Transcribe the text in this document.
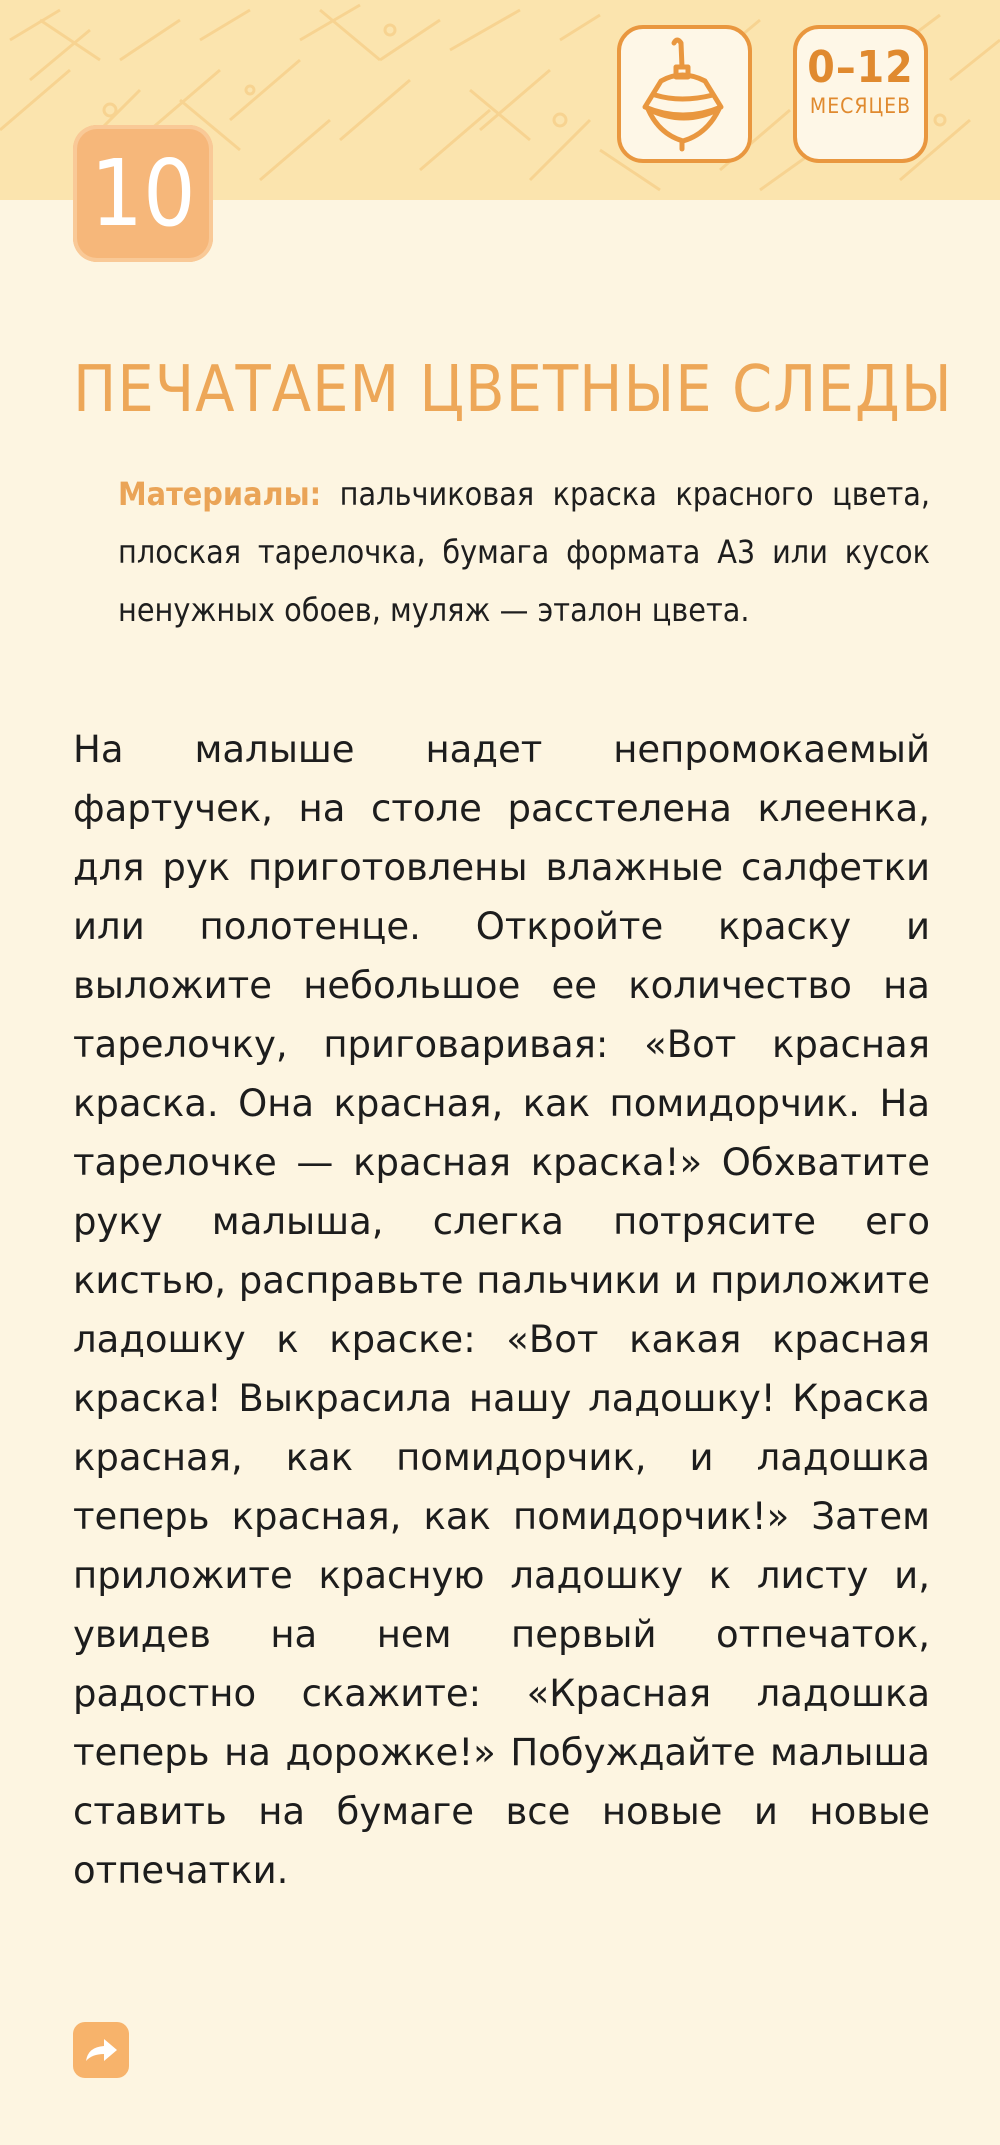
10
0–12
МЕСЯЦЕВ
ПЕЧАТАЕМ ЦВЕТНЫЕ СЛЕДЫ
Материалы: пальчиковая краска красного цвета, плоская тарелочка, бумага формата А3 или кусок ненужных обоев, муляж — эталон цвета.
На малыше надет непромокаемый фартучек, на столе расстелена клеенка, для рук приготовлены влажные салфетки или полотенце. Откройте краску и выложите небольшое ее количество на тарелочку, приговаривая: «Вот красная краска. Она красная, как помидорчик. На тарелочке — красная краска!» Обхватите руку малыша, слегка потрясите его кистью, расправьте пальчики и приложите ладошку к краске: «Вот какая красная краска! Выкрасила нашу ладошку! Краска красная, как помидорчик, и ладошка теперь красная, как помидорчик!» Затем приложите красную ладошку к листу и, увидев на нем первый отпечаток, радостно скажите: «Красная ладошка теперь на дорожке!» Побуждайте малыша ставить на бумаге все новые и новые отпечатки.
